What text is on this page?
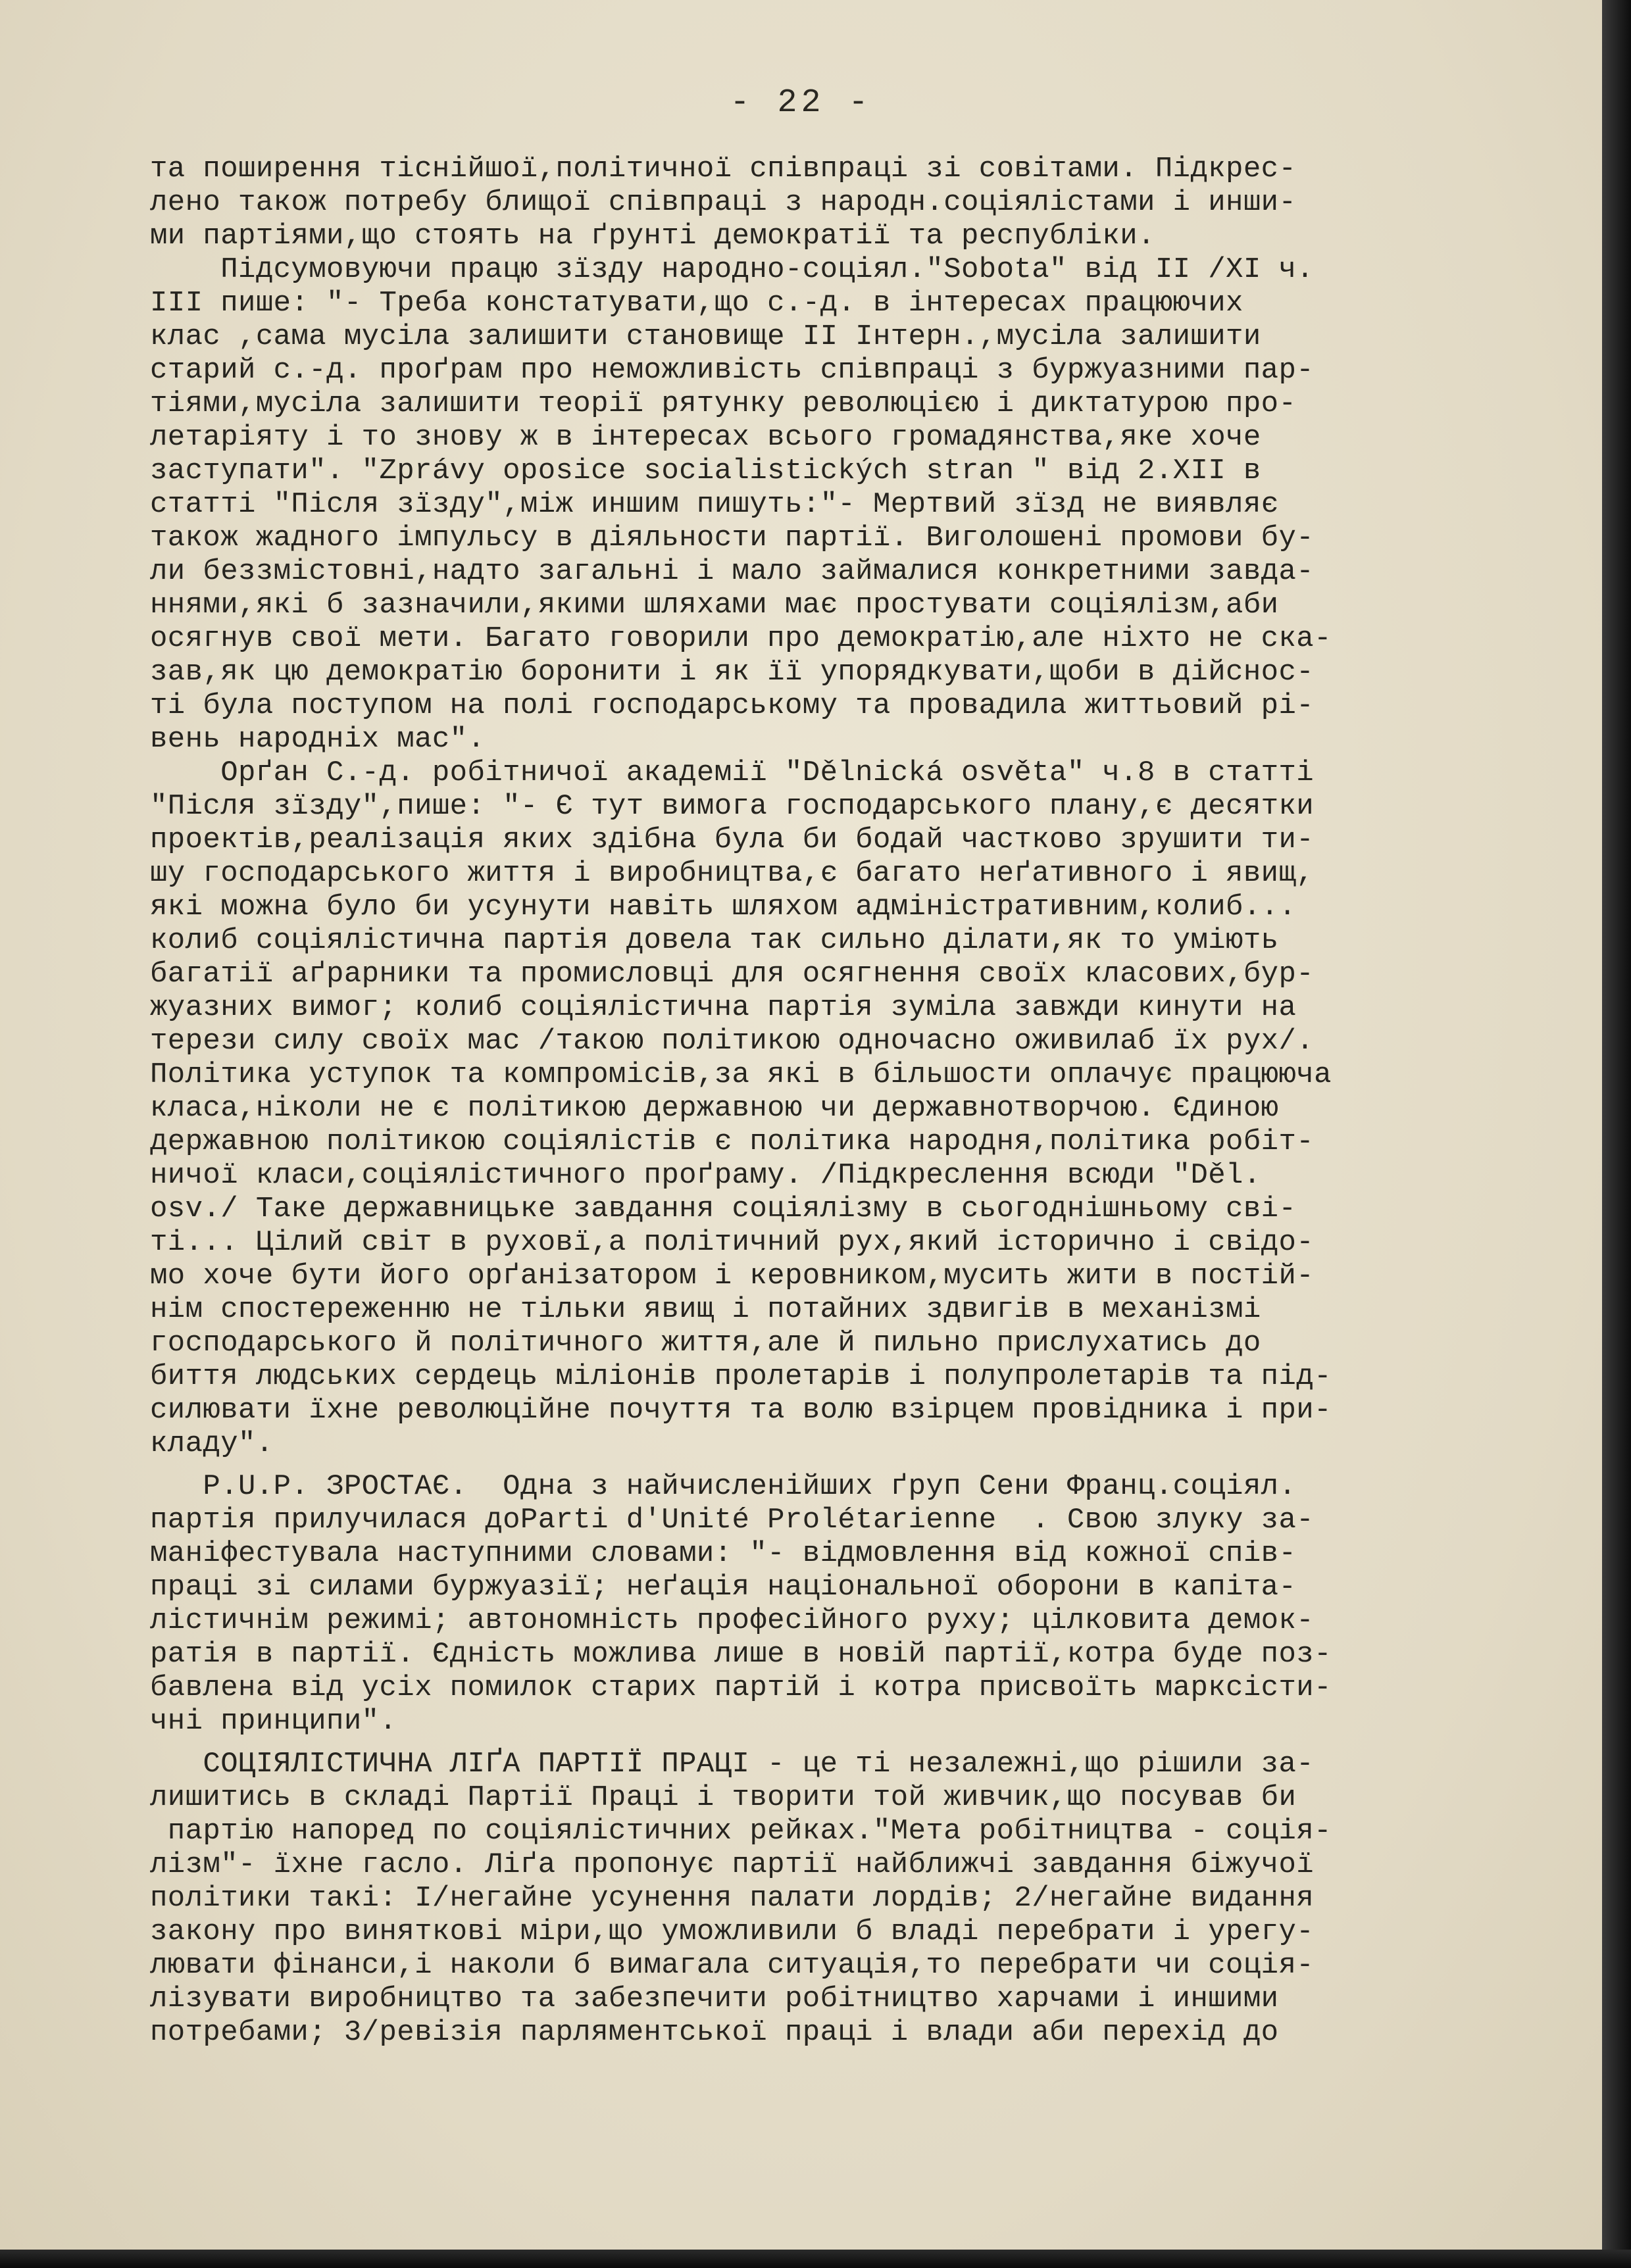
- 22 -
та поширення тіснійшої,політичної співпраці зі совітами. Підкрес-
лено також потребу блищої співпраці з народн.соціялістами і инши-
ми партіями,що стоять на ґрунті демократії та республіки.
Підсумовуючи працю зїзду народно-соціял."Sobota" від II /XI ч.
III пише: "- Треба констатувати,що с.-д. в інтересах працюючих
клас ,сама мусіла залишити становище II Інтерн.,мусіла залишити
старий с.-д. проґрам про неможливість співпраці з буржуазними пар-
тіями,мусіла залишити теорії рятунку революцією і диктатурою про-
летаріяту і то знову ж в інтересах всього громадянства,яке хоче
заступати". "Zprávy oposice socialistických stran " від 2.XII в
статті "Після зїзду",між иншим пишуть:"- Мертвий зїзд не виявляє
також жадного імпульсу в діяльности партії. Виголошені промови бу-
ли беззмістовні,надто загальні і мало займалися конкретними завда-
ннями,які б зазначили,якими шляхами має простувати соціялізм,аби
осягнув свої мети. Багато говорили про демократію,але ніхто не ска-
зав,як цю демократію боронити і як її упорядкувати,щоби в дійснос-
ті була поступом на полі господарському та провадила життьовий рі-
вень народніх мас".
Орґан С.-д. робітничої академії "Dělnická osvěta" ч.8 в статті
"Після зїзду",пише: "- Є тут вимога господарського плану,є десятки
проектів,реалізація яких здібна була би бодай частково зрушити ти-
шу господарського життя і виробництва,є багато неґативного і явищ,
які можна було би усунути навіть шляхом адміністративним,колиб...
колиб соціялістична партія довела так сильно ділати,як то уміють
багатії аґрарники та промисловці для осягнення своїх класових,бур-
жуазних вимог; колиб соціялістична партія зуміла завжди кинути на
терези силу своїх мас /такою політикою одночасно оживилаб їх рух/.
Політика уступок та компромісів,за які в більшости оплачує працююча
класа,ніколи не є політикою державною чи державнотворчою. Єдиною
державною політикою соціялістів є політика народня,політика робіт-
ничої класи,соціялістичного проґраму. /Підкреслення всюди "Děl.
osv./ Таке державницьке завдання соціялізму в сьогоднішньому сві-
ті... Цілий світ в руховї,а політичний рух,який історично і свідо-
мо хоче бути його орґанізатором і керовником,мусить жити в постій-
нім спостереженню не тільки явищ і потайних здвигів в механізмі
господарського й політичного життя,але й пильно прислухатись до
биття людських сердець міліонів пролетарів і полупролетарів та під-
силювати їхне революційне почуття та волю взірцем провідника і при-
кладу".
P.U.P. ЗРОСТАЄ.  Одна з найчисленійших ґруп Сени Франц.соціял.
партія прилучилася доParti d'Unité Prolétarienne  . Свою злуку за-
маніфестувала наступними словами: "- відмовлення від кожної спів-
праці зі силами буржуазії; неґація національної оборони в капіта-
лістичнім режимі; автономність професійного руху; цілковита демок-
ратія в партії. Єдність можлива лише в новій партії,котра буде поз-
бавлена від усіх помилок старих партій і котра присвоїть марксісти-
чні принципи".
СОЦІЯЛІСТИЧНА ЛІҐА ПАРТІЇ ПРАЦІ - це ті незалежні,що рішили за-
лишитись в складі Партії Праці і творити той живчик,що посував би
партію напоред по соціялістичних рейках."Мета робітництва - соція-
лізм"- їхне гасло. Ліґа пропонує партії найближчі завдання біжучої
політики такі: I/негайне усунення палати лордів; 2/негайне видання
закону про виняткові міри,що уможливили б владі перебрати і урегу-
лювати фінанси,і наколи б вимагала ситуація,то перебрати чи соція-
лізувати виробництво та забезпечити робітництво харчами і иншими
потребами; 3/ревізія парляментської праці і влади аби перехід до
